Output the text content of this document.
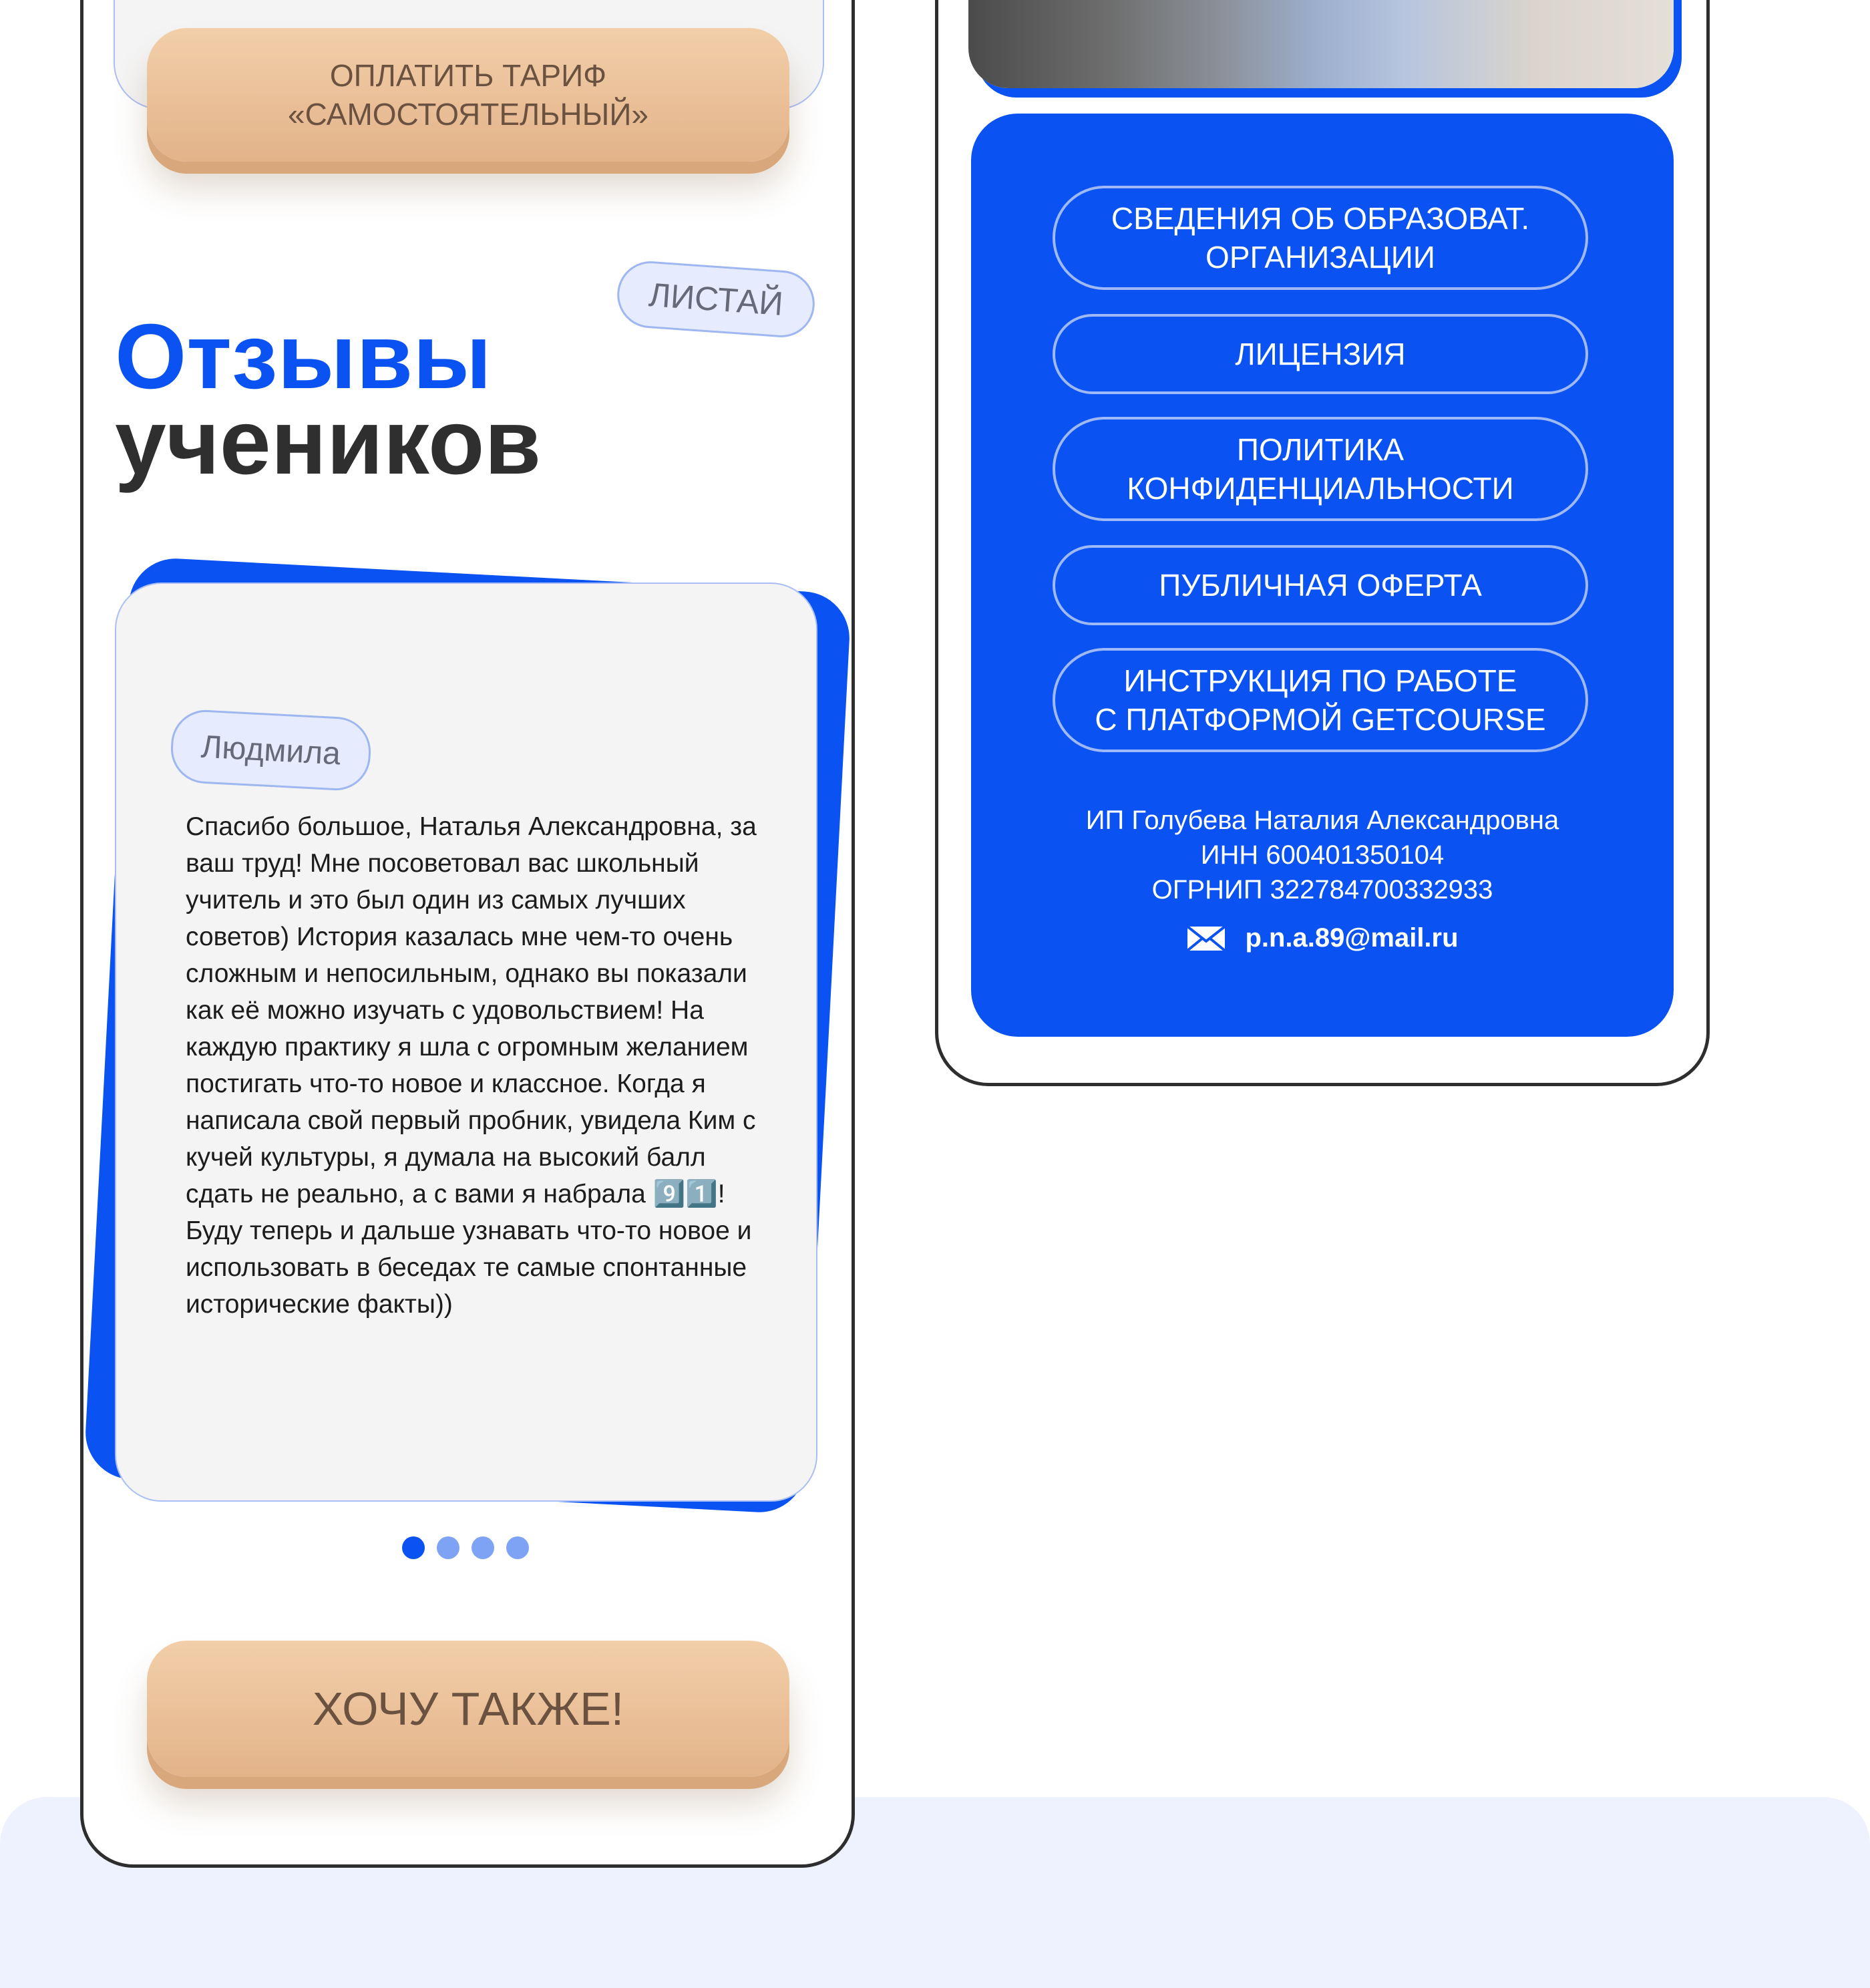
ОПЛАТИТЬ ТАРИФ
«САМОСТОЯТЕЛЬНЫЙ»
ЛИСТАЙ
Отзывы
учеников
Людмила
Спасибо большое, Наталья Александровна, за ваш труд! Мне посоветовал вас школьный учитель и это был один из самых лучших советов) История казалась мне чем-то очень сложным и непосильным, однако вы показали как её можно изучать с удовольствием! На каждую практику я шла с огромным желанием постигать что-то новое и классное. Когда я написала свой первый пробник, увидела Ким с кучей культуры, я думала на высокий балл сдать не реально, а с вами я набрала 9️⃣1️⃣! Буду теперь и дальше узнавать что-то новое и использовать в беседах те самые спонтанные исторические факты))
ХОЧУ ТАКЖЕ!
СВЕДЕНИЯ ОБ ОБРАЗОВАТ.
ОРГАНИЗАЦИИ
ЛИЦЕНЗИЯ
ПОЛИТИКА
КОНФИДЕНЦИАЛЬНОСТИ
ПУБЛИЧНАЯ ОФЕРТА
ИНСТРУКЦИЯ ПО РАБОТЕ
С ПЛАТФОРМОЙ GETCOURSE
ИП Голубева Наталия Александровна
ИНН 600401350104
ОГРНИП 322784700332933
p.n.a.89@mail.ru
